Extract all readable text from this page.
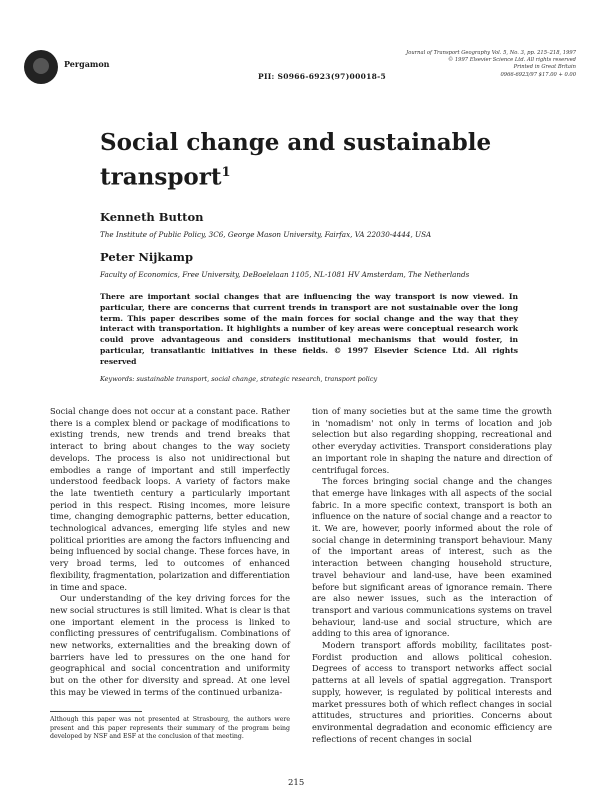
Pergamon
PII: S0966-6923(97)00018-5
Journal of Transport Geography Vol. 5, No. 3, pp. 215–218, 1997
© 1997 Elsevier Science Ltd. All rights reserved
Printed in Great Britain
0966-6923/97 $17.00 + 0.00
Social change and sustainable transport$^1$
Kenneth Button
The Institute of Public Policy, 3C6, George Mason University, Fairfax, VA 22030-4444, USA
Peter Nijkamp
Faculty of Economics, Free University, DeBoelelaan 1105, NL-1081 HV Amsterdam, The Netherlands
There are important social changes that are influencing the way transport is now viewed. In particular, there are concerns that current trends in transport are not sustainable over the long term. This paper describes some of the main forces for social change and the way that they interact with transportation. It highlights a number of key areas were conceptual research work could prove advantageous and considers institutional mechanisms that would foster, in particular, transatlantic initiatives in these fields. © 1997 Elsevier Science Ltd. All rights reserved
Keywords: sustainable transport, social change, strategic research, transport policy

Social change does not occur at a constant pace. Rather there is a complex blend or package of modifications to existing trends, new trends and trend breaks that interact to bring about changes to the way society develops. The process is also not unidirectional but embodies a range of important and still imperfectly understood feedback loops. A variety of factors make the late twentieth century a particularly important period in this respect. Rising incomes, more leisure time, changing demographic patterns, better education, technological advances, emerging life styles and new political priorities are among the factors influencing and being influenced by social change. These forces have, in very broad terms, led to outcomes of enhanced flexibility, fragmentation, polarization and differentiation in time and space.

Our understanding of the key driving forces for the new social structures is still limited. What is clear is that one important element in the process is linked to conflicting pressures of centrifugalism. Combinations of new networks, externalities and the breaking down of barriers have led to pressures on the one hand for geographical and social concentration and uniformity but on the other for diversity and spread. At one level this may be viewed in terms of the continued urbaniza-

tion of many societies but at the same time the growth in 'nomadism' not only in terms of location and job selection but also regarding shopping, recreational and other everyday activities. Transport considerations play an important role in shaping the nature and direction of centrifugal forces.

The forces bringing social change and the changes that emerge have linkages with all aspects of the social fabric. In a more specific context, transport is both an influence on the nature of social change and a reactor to it. We are, however, poorly informed about the role of social change in determining transport behaviour. Many of the important areas of interest, such as the interaction between changing household structure, travel behaviour and land-use, have been examined before but significant areas of ignorance remain. There are also newer issues, such as the interaction of transport and various communications systems on travel behaviour, land-use and social structure, which are adding to this area of ignorance.

Modern transport affords mobility, facilitates post-Fordist production and allows political cohesion. Degrees of access to transport networks affect social patterns at all levels of spatial aggregation. Transport supply, however, is regulated by political interests and market pressures both of which reflect changes in social attitudes, structures and priorities. Concerns about environmental degradation and economic efficiency are reflections of recent changes in social

Although this paper was not presented at Strasbourg, the authors were present and this paper represents their summary of the program being developed by NSF and ESF at the conclusion of that meeting.
215
